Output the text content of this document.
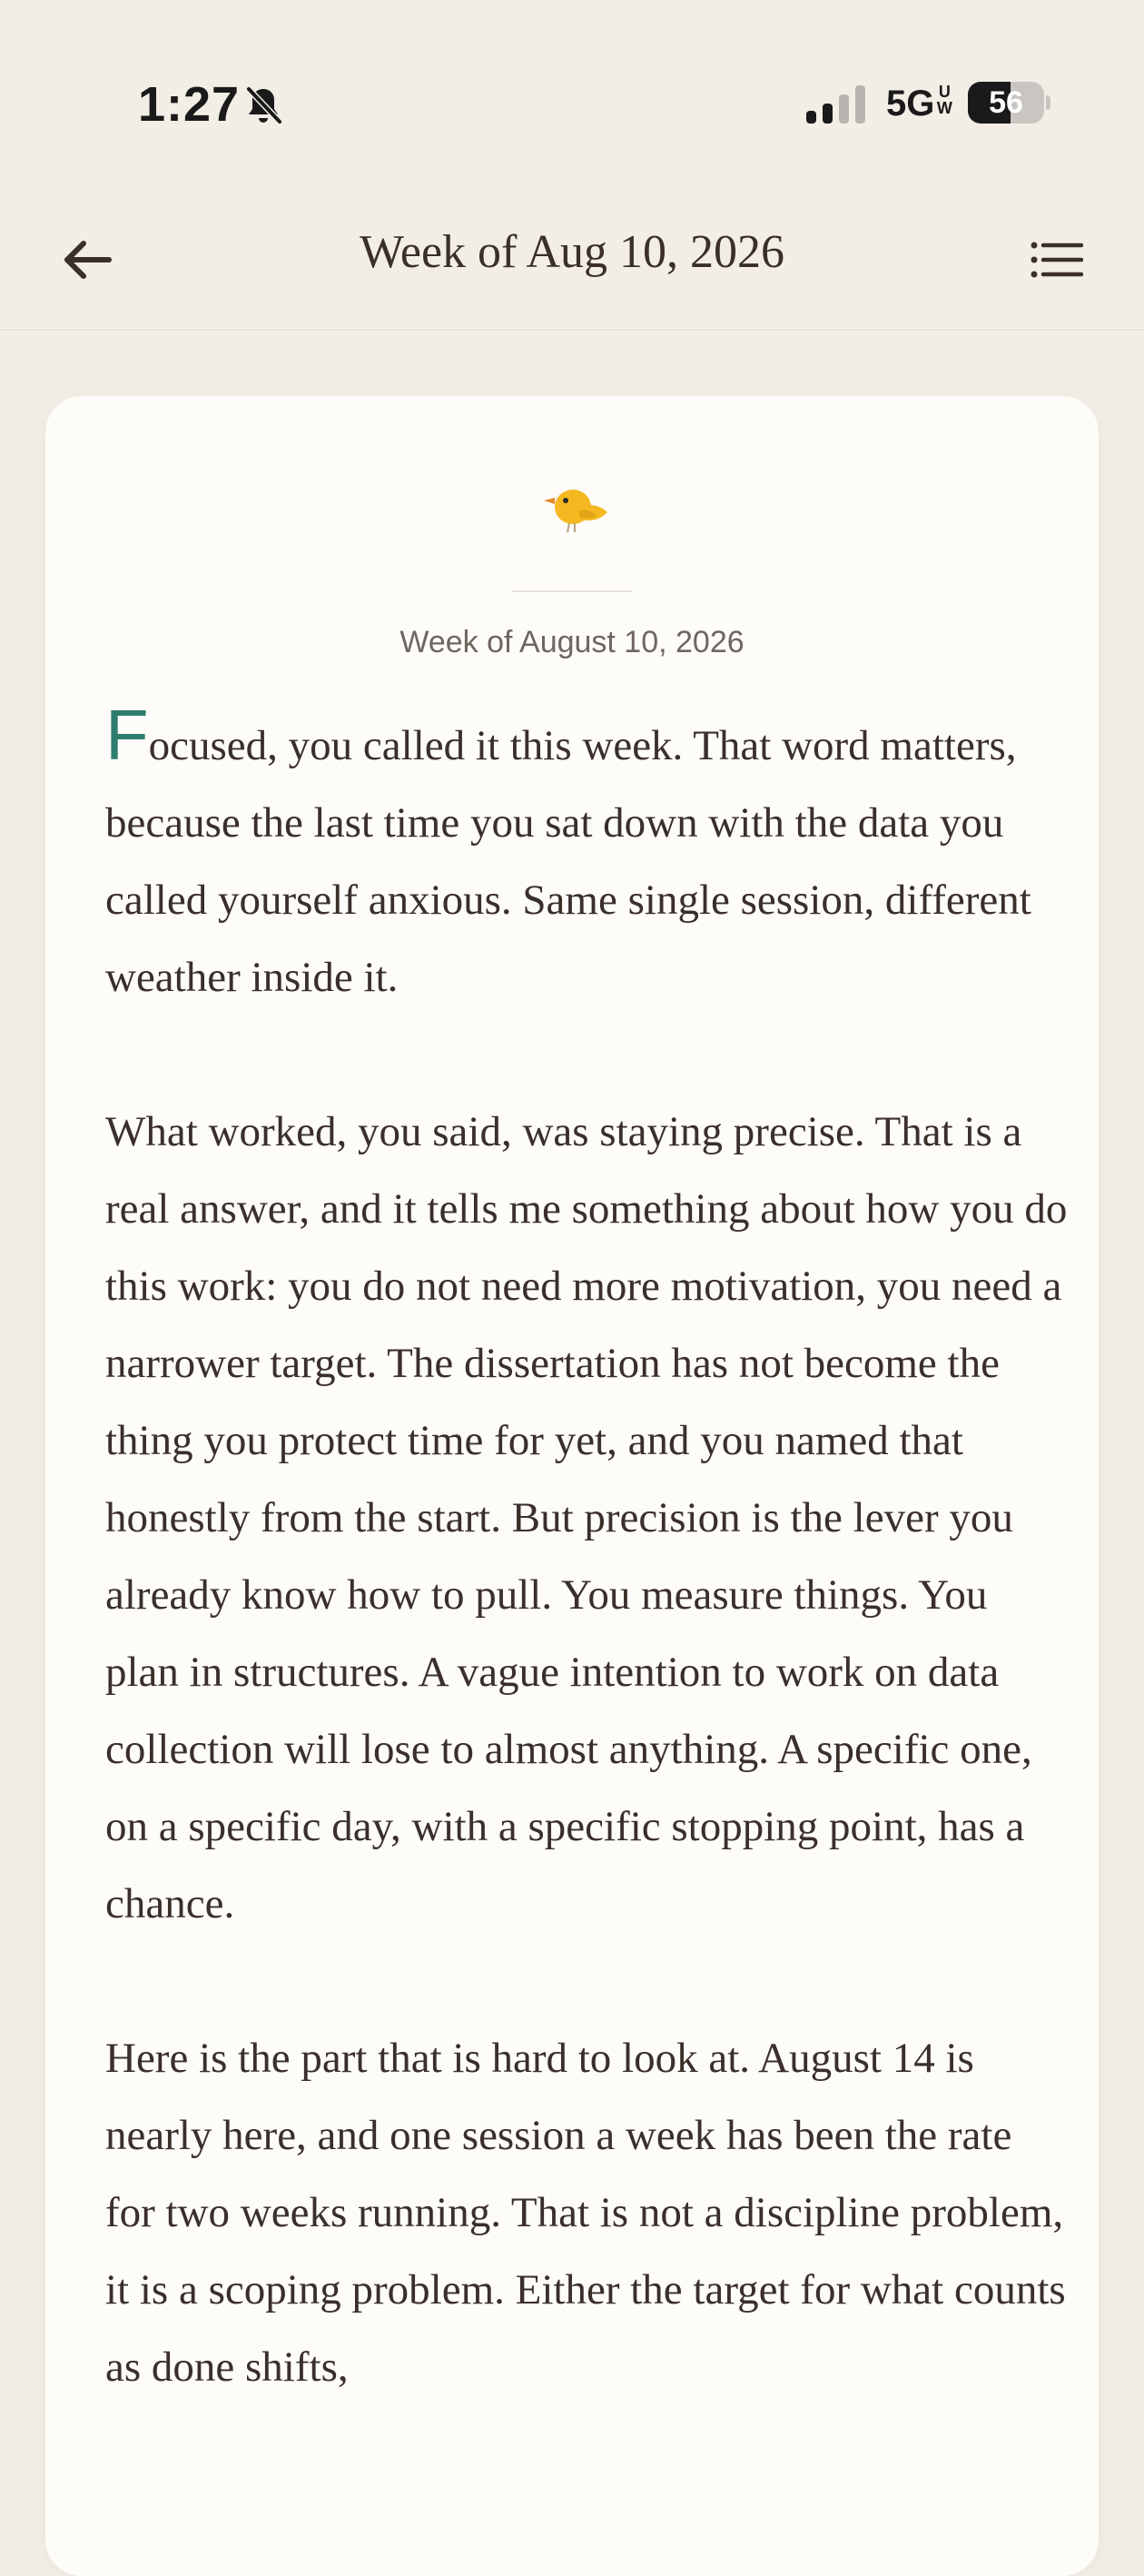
1:27	5G U
W	56
Week of Aug 10, 2026
Week of August 10, 2026

Focused, you called it this week. That word matters, because the last time you sat down with the data you called yourself anxious. Same single session, different weather inside it.

What worked, you said, was staying precise. That is a real answer, and it tells me something about how you do this work: you do not need more motivation, you need a narrower target. The dissertation has not become the thing you protect time for yet, and you named that honestly from the start. But precision is the lever you already know how to pull. You measure things. You plan in structures. A vague intention to work on data collection will lose to almost anything. A specific one, on a specific day, with a specific stopping point, has a chance.

Here is the part that is hard to look at. August 14 is nearly here, and one session a week has been the rate for two weeks running. That is not a discipline problem, it is a scoping problem. Either the target for what counts as done shifts,
